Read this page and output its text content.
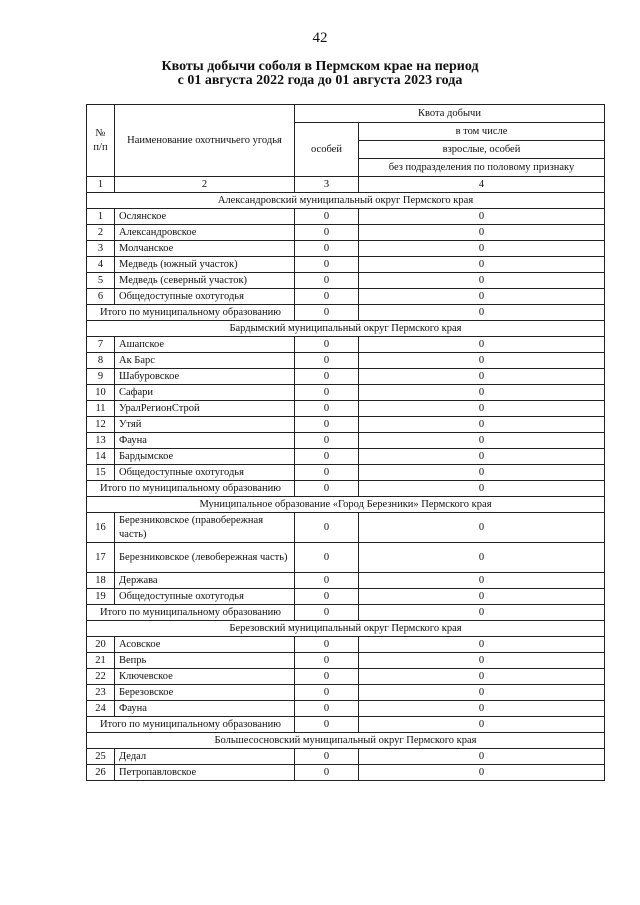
42
Квоты добычи соболя в Пермском крае на период
с 01 августа 2022 года до 01 августа 2023 года
№ п/п	Наименование охотничьего угодья	Квота добычи	
		особей	в том числе
			взрослые, особей
			без подразделения по половому признаку
1	2	3	4
Александровский муниципальный округ Пермского края			
1	Ослянское	0	0
2	Александровское	0	0
3	Молчанское	0	0
4	Медведь (южный участок)	0	0
5	Медведь (северный участок)	0	0
6	Общедоступные охотугодья	0	0
Итого по муниципальному образованию		0	0
Бардымский муниципальный округ Пермского края			
7	Ашапское	0	0
8	Ак Барс	0	0
9	Шабуровское	0	0
10	Сафари	0	0
11	УралРегионСтрой	0	0
12	Утяй	0	0
13	Фауна	0	0
14	Бардымское	0	0
15	Общедоступные охотугодья	0	0
Итого по муниципальному образованию		0	0
Муниципальное образование «Город Березники» Пермского края			
16	Березниковское (правобережная часть)	0	0
17	Березниковское (левобережная часть)	0	0
18	Держава	0	0
19	Общедоступные охотугодья	0	0
Итого по муниципальному образованию		0	0
Березовский муниципальный округ Пермского края			
20	Асовское	0	0
21	Вепрь	0	0
22	Ключевское	0	0
23	Березовское	0	0
24	Фауна	0	0
Итого по муниципальному образованию		0	0
Большесосновский муниципальный округ Пермского края			
25	Дедал	0	0
26	Петропавловское	0	0
